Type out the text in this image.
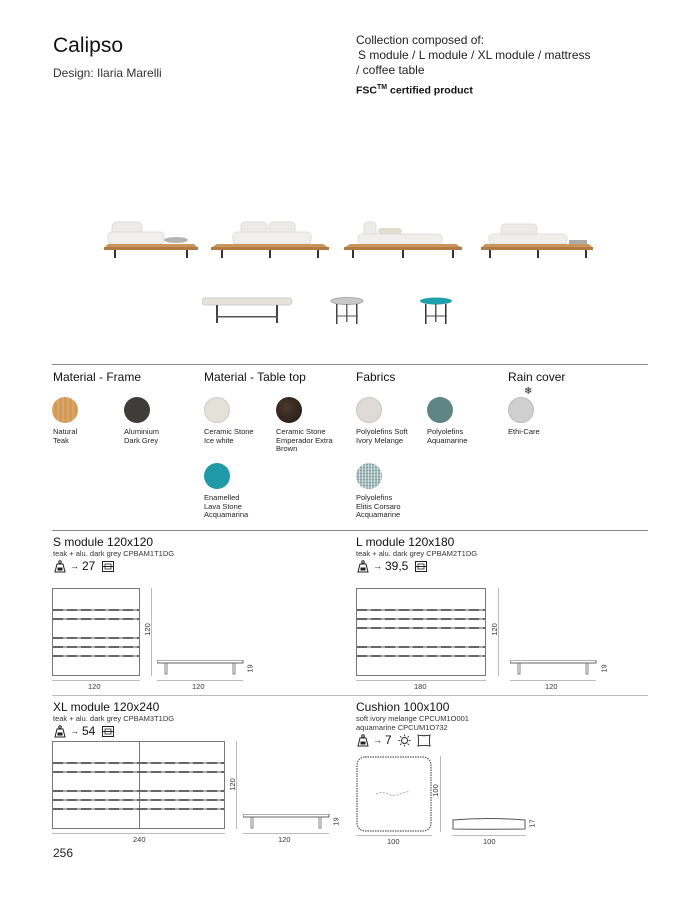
Calipso
Design: Ilaria Marelli
Collection composed of:
S module / L module / XL module / mattress
/ coffee table
FSC™ certified product
Material - Frame
Natural
Teak
Aluminium
Dark Grey
Material - Table top
Ceramic Stone
Ice white
Ceramic Stone
Emperador Extra
Brown
Enamelled
Lava Stone
Acquamarina
Fabrics
Polyolefins Soft
Ivory Melange
Polyolefins
Aquamarine
Polyolefins
Elitis Corsaro
Acquamarine
Rain cover
❄
Ethi-Care
S module 120x120
teak + alu. dark grey CPBAM1T1DG
→ 27
120
120
120
19
L module 120x180
teak + alu. dark grey CPBAM2T1DG
→ 39,5
180
120
120
19
XL module 120x240
teak + alu. dark grey CPBAM3T1DG
→ 54
240
120
120
19
Cushion 100x100
soft ivory melange CPCUM1O001
aquamarine CPCUM1O732
→ 7
100
100
100
17
256
